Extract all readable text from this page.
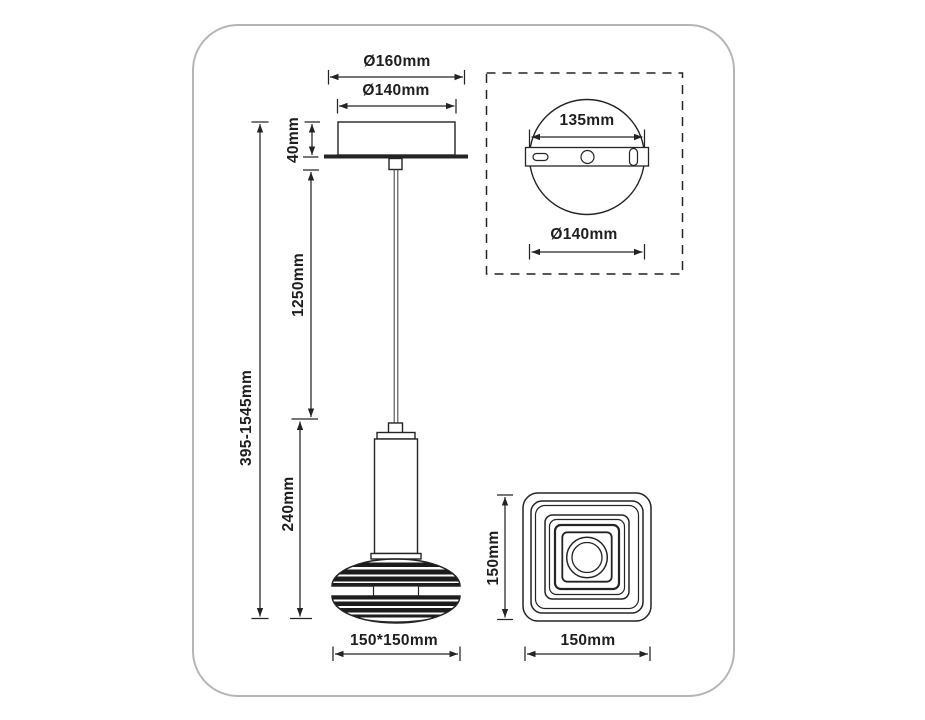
Ø160mm
Ø140mm
40mm
1250mm
240mm
395-1545mm
150*150mm
135mm
Ø140mm
150mm
150mm
